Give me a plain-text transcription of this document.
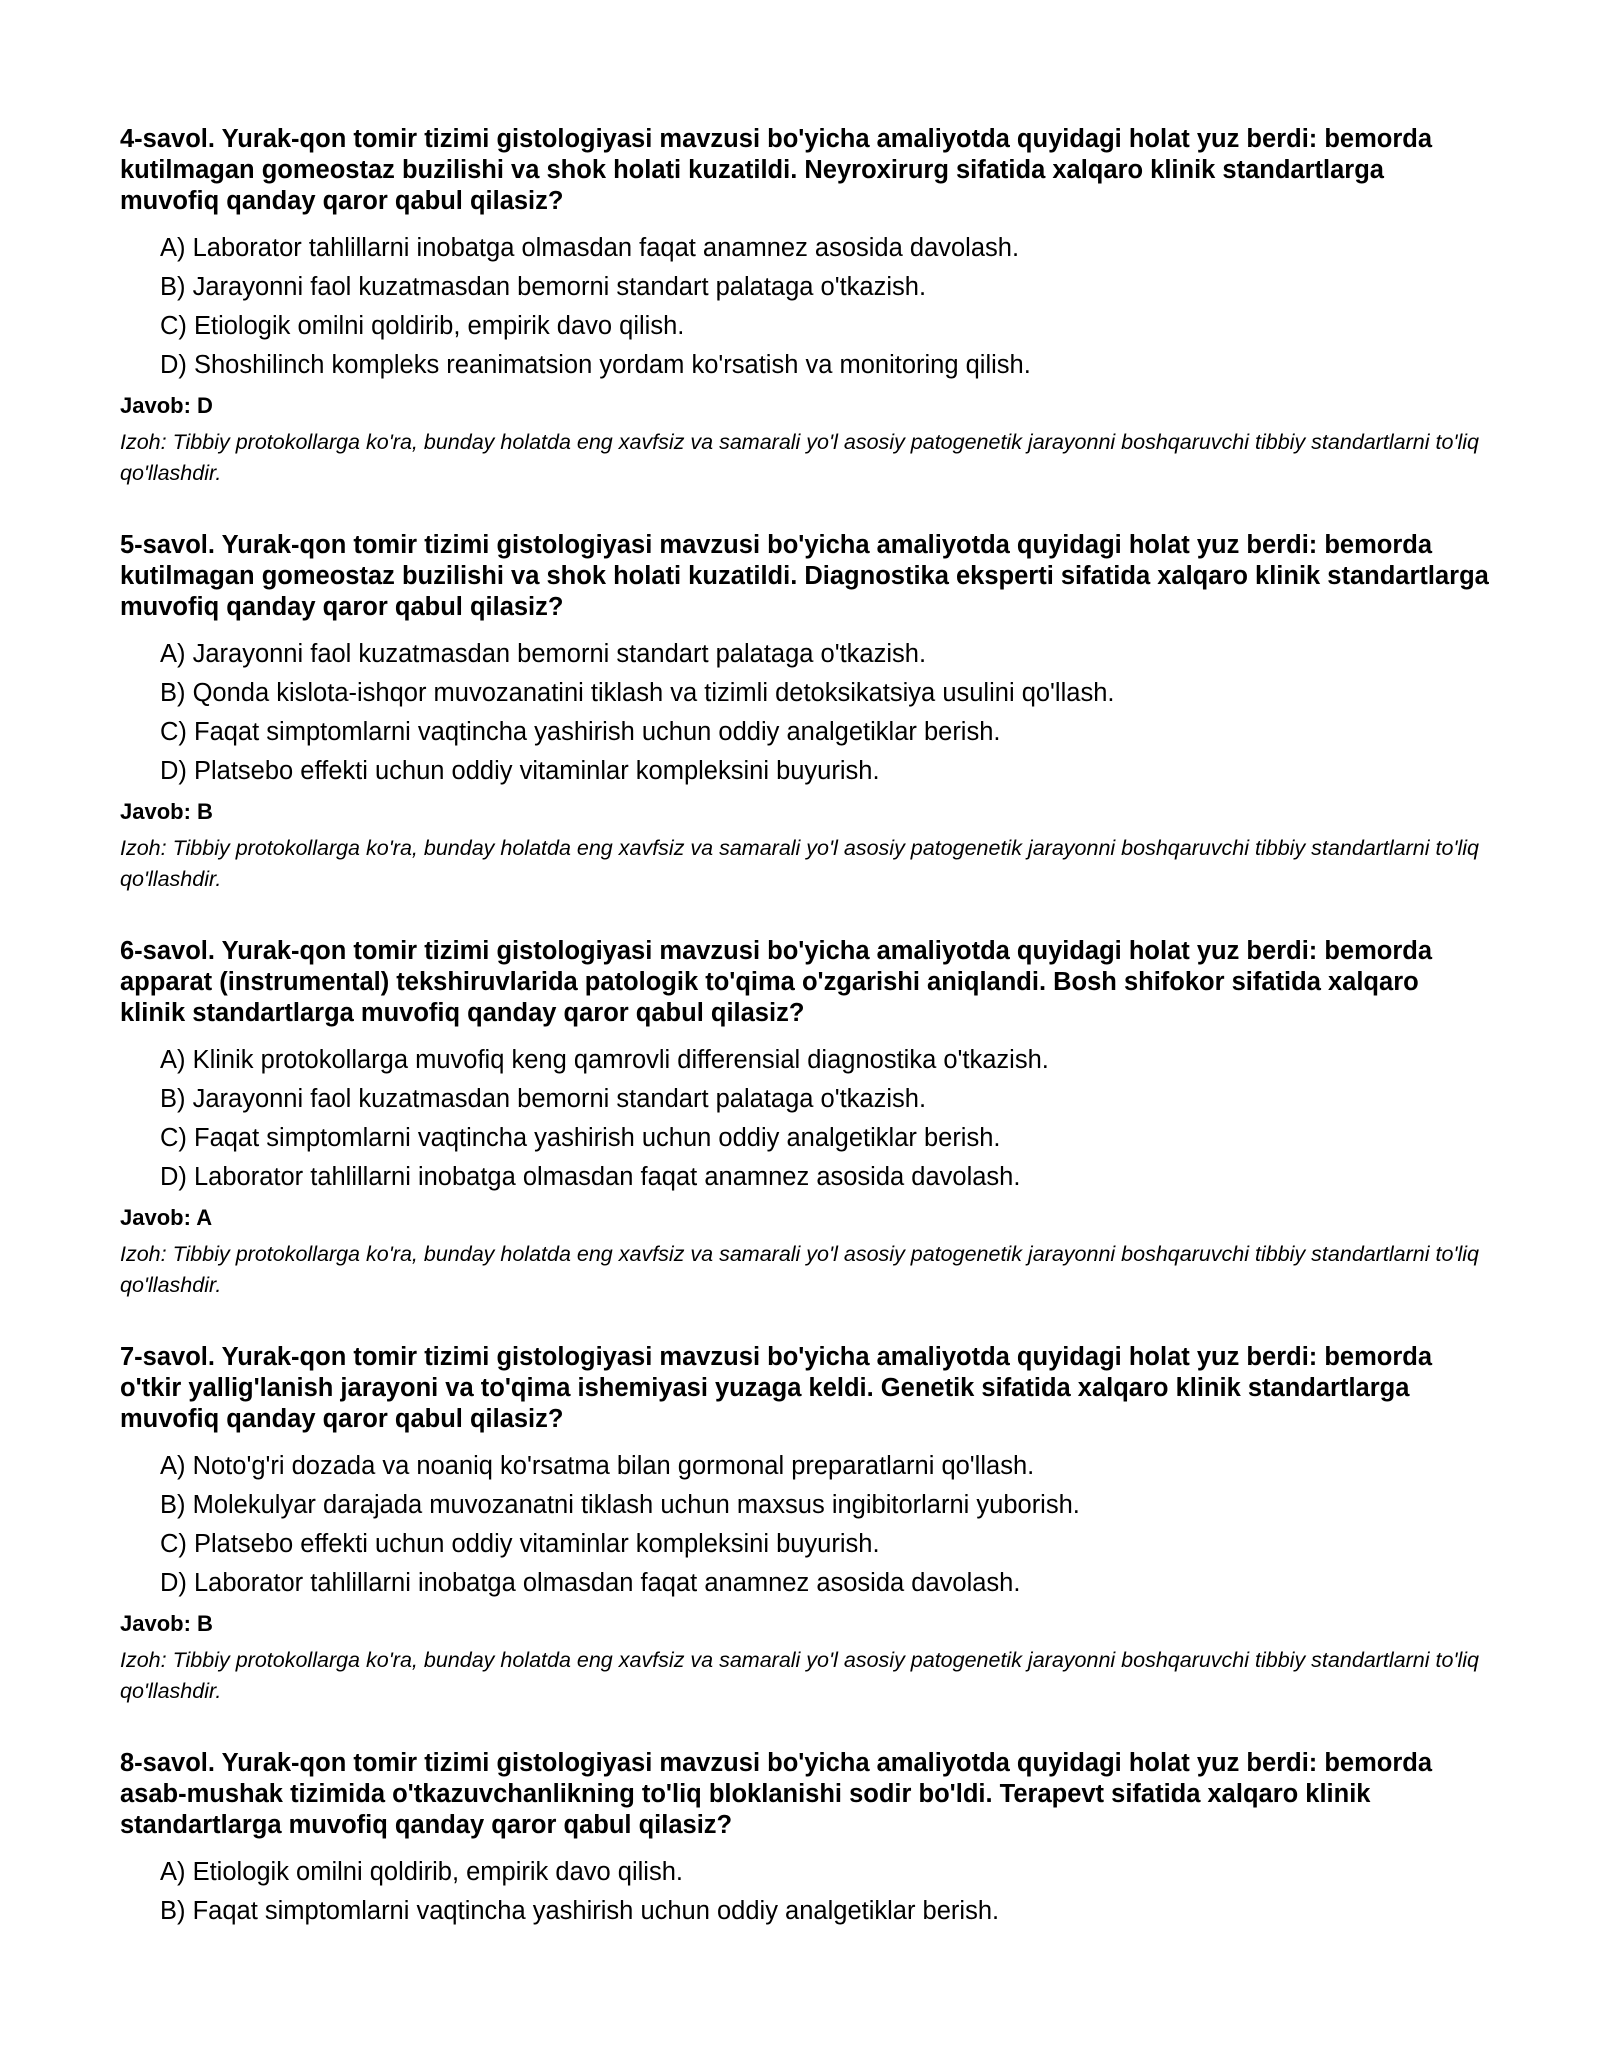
4-savol. Yurak-qon tomir tizimi gistologiyasi mavzusi bo'yicha amaliyotda quyidagi holat yuz berdi: bemorda kutilmagan gomeostaz buzilishi va shok holati kuzatildi. Neyroxirurg sifatida xalqaro klinik standartlarga muvofiq qanday qaror qabul qilasiz?

A) Laborator tahlillarni inobatga olmasdan faqat anamnez asosida davolash.
B) Jarayonni faol kuzatmasdan bemorni standart palataga o'tkazish.
C) Etiologik omilni qoldirib, empirik davo qilish.
D) Shoshilinch kompleks reanimatsion yordam ko'rsatish va monitoring qilish.

Javob: D

Izoh: Tibbiy protokollarga ko'ra, bunday holatda eng xavfsiz va samarali yo'l asosiy patogenetik jarayonni boshqaruvchi tibbiy standartlarni to'liq qo'llashdir.

5-savol. Yurak-qon tomir tizimi gistologiyasi mavzusi bo'yicha amaliyotda quyidagi holat yuz berdi: bemorda kutilmagan gomeostaz buzilishi va shok holati kuzatildi. Diagnostika eksperti sifatida xalqaro klinik standartlarga muvofiq qanday qaror qabul qilasiz?

A) Jarayonni faol kuzatmasdan bemorni standart palataga o'tkazish.
B) Qonda kislota-ishqor muvozanatini tiklash va tizimli detoksikatsiya usulini qo'llash.
C) Faqat simptomlarni vaqtincha yashirish uchun oddiy analgetiklar berish.
D) Platsebo effekti uchun oddiy vitaminlar kompleksini buyurish.

Javob: B

Izoh: Tibbiy protokollarga ko'ra, bunday holatda eng xavfsiz va samarali yo'l asosiy patogenetik jarayonni boshqaruvchi tibbiy standartlarni to'liq qo'llashdir.

6-savol. Yurak-qon tomir tizimi gistologiyasi mavzusi bo'yicha amaliyotda quyidagi holat yuz berdi: bemorda apparat (instrumental) tekshiruvlarida patologik to'qima o'zgarishi aniqlandi. Bosh shifokor sifatida xalqaro klinik standartlarga muvofiq qanday qaror qabul qilasiz?

A) Klinik protokollarga muvofiq keng qamrovli differensial diagnostika o'tkazish.
B) Jarayonni faol kuzatmasdan bemorni standart palataga o'tkazish.
C) Faqat simptomlarni vaqtincha yashirish uchun oddiy analgetiklar berish.
D) Laborator tahlillarni inobatga olmasdan faqat anamnez asosida davolash.

Javob: A

Izoh: Tibbiy protokollarga ko'ra, bunday holatda eng xavfsiz va samarali yo'l asosiy patogenetik jarayonni boshqaruvchi tibbiy standartlarni to'liq qo'llashdir.

7-savol. Yurak-qon tomir tizimi gistologiyasi mavzusi bo'yicha amaliyotda quyidagi holat yuz berdi: bemorda o'tkir yallig'lanish jarayoni va to'qima ishemiyasi yuzaga keldi. Genetik sifatida xalqaro klinik standartlarga muvofiq qanday qaror qabul qilasiz?

A) Noto'g'ri dozada va noaniq ko'rsatma bilan gormonal preparatlarni qo'llash.
B) Molekulyar darajada muvozanatni tiklash uchun maxsus ingibitorlarni yuborish.
C) Platsebo effekti uchun oddiy vitaminlar kompleksini buyurish.
D) Laborator tahlillarni inobatga olmasdan faqat anamnez asosida davolash.

Javob: B

Izoh: Tibbiy protokollarga ko'ra, bunday holatda eng xavfsiz va samarali yo'l asosiy patogenetik jarayonni boshqaruvchi tibbiy standartlarni to'liq qo'llashdir.

8-savol. Yurak-qon tomir tizimi gistologiyasi mavzusi bo'yicha amaliyotda quyidagi holat yuz berdi: bemorda asab-mushak tizimida o'tkazuvchanlikning to'liq bloklanishi sodir bo'ldi. Terapevt sifatida xalqaro klinik standartlarga muvofiq qanday qaror qabul qilasiz?

A) Etiologik omilni qoldirib, empirik davo qilish.
B) Faqat simptomlarni vaqtincha yashirish uchun oddiy analgetiklar berish.
